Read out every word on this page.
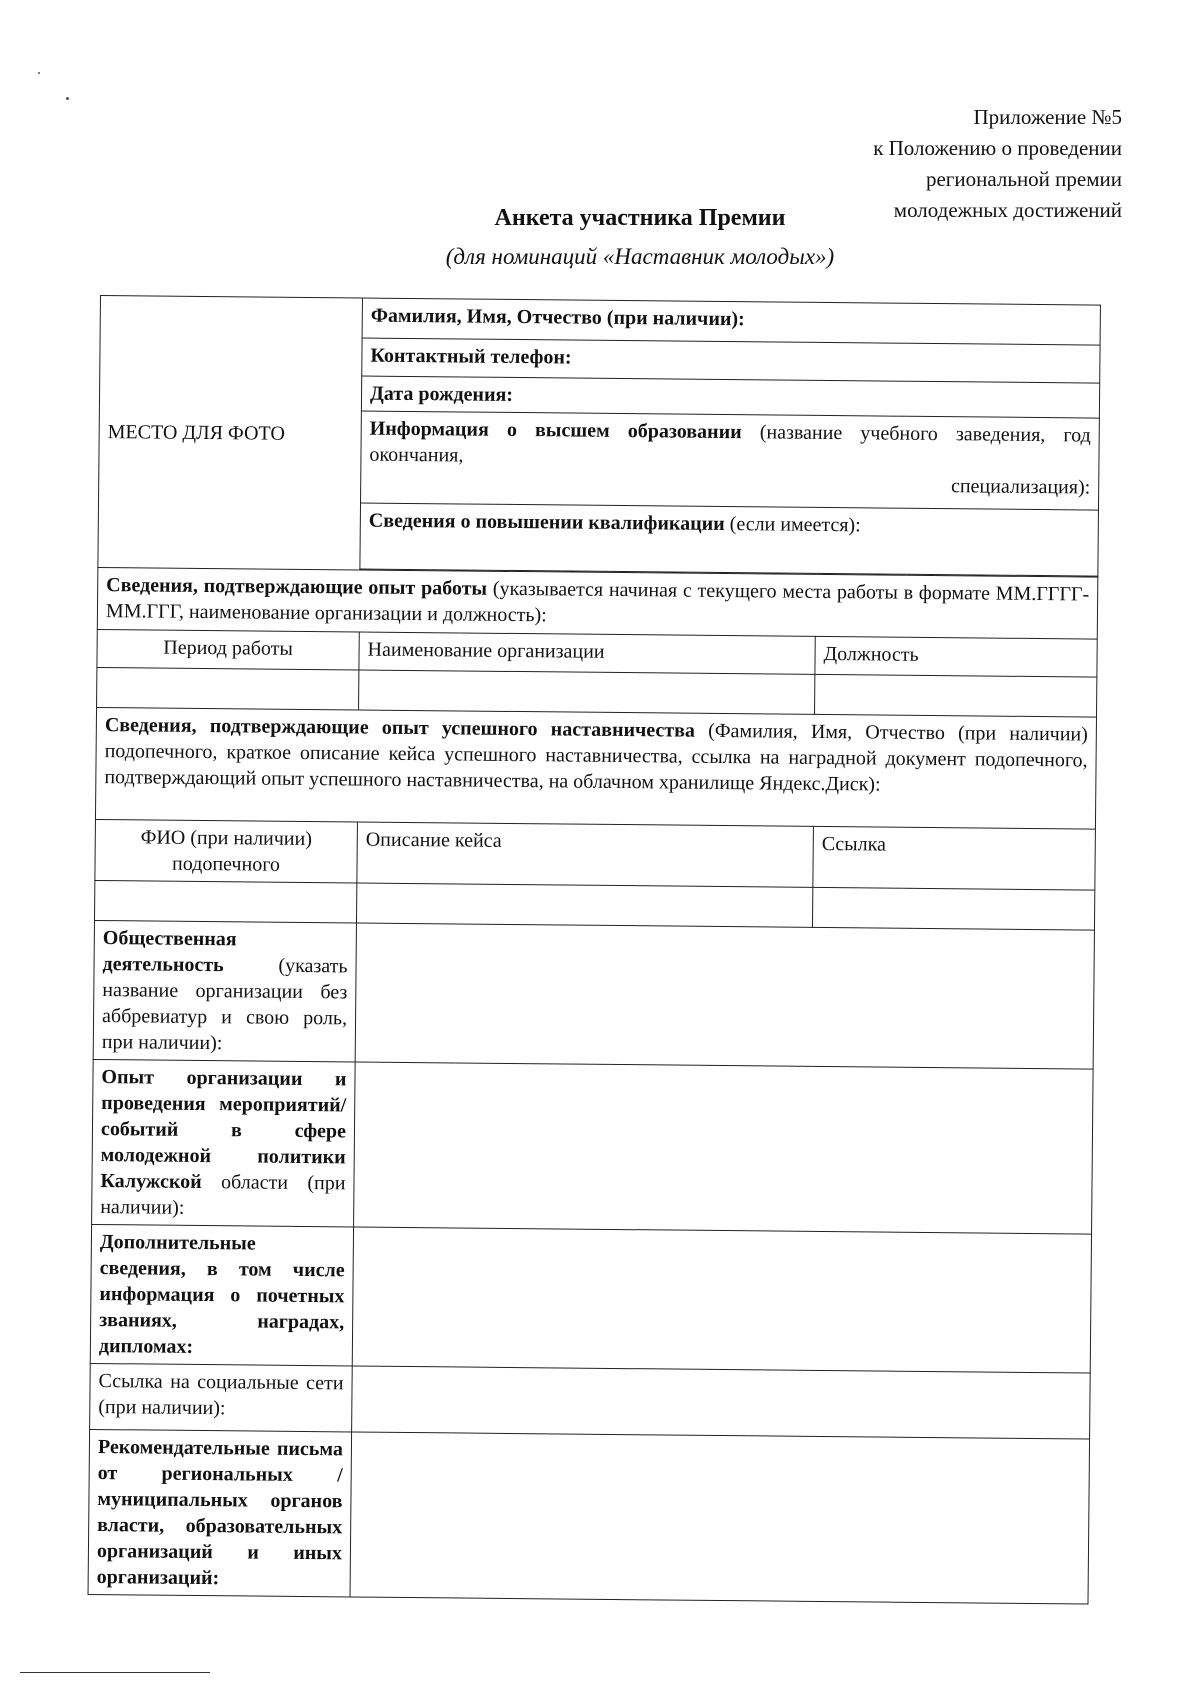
Приложение №5
к Положению о проведении
региональной премии
молодежных достижений
Анкета участника Премии
(для номинаций «Наставник молодых»)
МЕСТО ДЛЯ ФОТО	Фамилия, Имя, Отчество (при наличии):	
	Контактный телефон:	
	Дата рождения:	

	Информация о высшем образовании (название учебного заведения, год окончания,
специализация):	

	Сведения о повышении квалификации (если имеется):	

Сведения, подтверждающие опыт работы (указывается начиная с текущего места работы в формате ММ.ГГГГ-ММ.ГГГ, наименование организации и должность):		
Период работы	Наименование организации	Должность

Сведения, подтверждающие опыт успешного наставничества (Фамилия, Имя, Отчество (при наличии) подопечного, краткое описание кейса успешного наставничества, ссылка на наградной документ подопечного, подтверждающий опыт успешного наставничества, на облачном хранилище Яндекс.Диск):		
ФИО (при наличии) подопечного	Описание кейса	Ссылка

Общественная деятельность (указать название организации без аббревиатур и свою роль, при наличии):		
Опыт организации и проведения мероприятий/ событий в сфере молодежной политики Калужской области (при наличии):		
Дополнительные сведения, в том числе информация о почетных званиях, наградах, дипломах:		
Ссылка на социальные сети (при наличии):		
Рекомендательные письма от региональных /муниципальных органов власти, образовательных организаций и иных организаций:		
